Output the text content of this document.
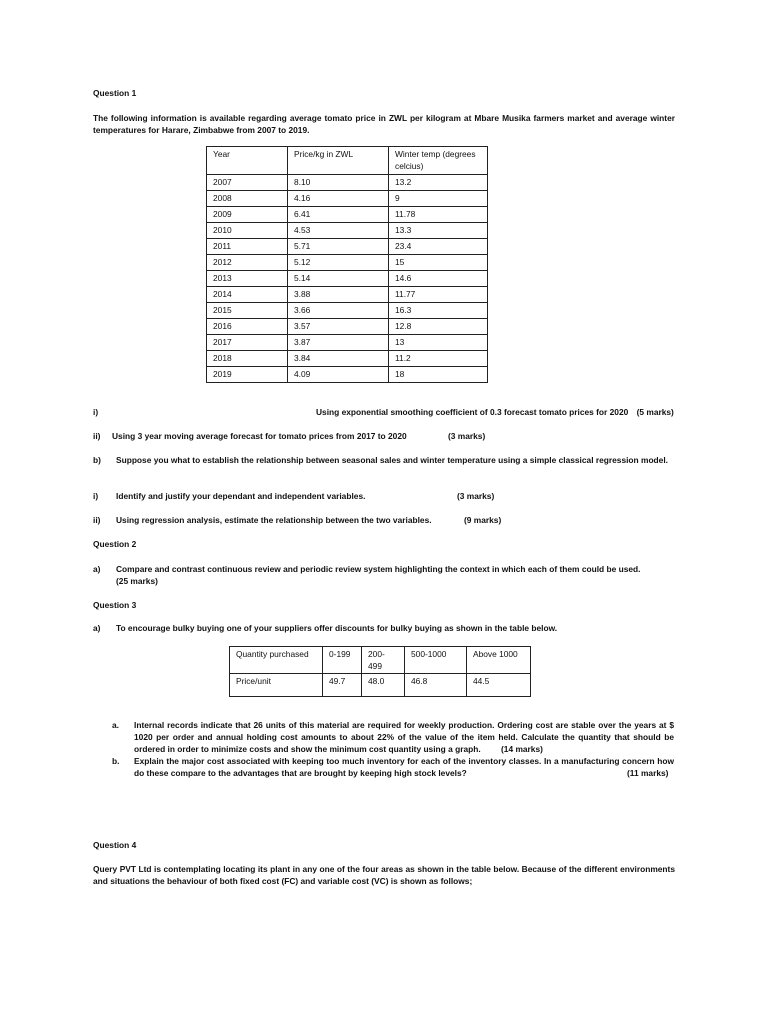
Question 1
The following information is available regarding average tomato price in ZWL per kilogram at Mbare Musika farmers market and average winter temperatures for Harare, Zimbabwe from 2007 to 2019.
Year	Price/kg in ZWL	Winter temp (degrees celcius)
2007	8.10	13.2
2008	4.16	9
2009	6.41	11.78
2010	4.53	13.3
2011	5.71	23.4
2012	5.12	15
2013	5.14	14.6
2014	3.88	11.77
2015	3.66	16.3
2016	3.57	12.8
2017	3.87	13
2018	3.84	11.2
2019	4.09	18
i)	Using exponential smoothing coefficient of 0.3 forecast tomato prices for 2020 (5 marks)
ii) Using 3 year moving average forecast for tomato prices from 2017 to 2020	(3 marks)
b) Suppose you what to establish the relationship between seasonal sales and winter temperature using a simple classical regression model.
i) Identify and justify your dependant and independent variables.	(3 marks)
ii) Using regression analysis, estimate the relationship between the two variables.	(9 marks)
Question 2
a) Compare and contrast continuous review and periodic review system highlighting the context in which each of them could be used.
(25 marks)
Question 3
a) To encourage bulky buying one of your suppliers offer discounts for bulky buying as shown in the table below.
Quantity purchased	0-199	200-499	500-1000	Above 1000
Price/unit	49.7	48.0	46.8	44.5
a. Internal records indicate that 26 units of this material are required for weekly production. Ordering cost are stable over the years at $ 1020 per order and annual holding cost amounts to about 22% of the value of the item held. Calculate the quantity that should be ordered in order to minimize costs and show the minimum cost quantity using a graph. (14 marks)
b. Explain the major cost associated with keeping too much inventory for each of the inventory classes. In a manufacturing concern how do these compare to the advantages that are brought by keeping high stock levels?	(11 marks)
Question 4
Query PVT Ltd is contemplating locating its plant in any one of the four areas as shown in the table below. Because of the different environments and situations the behaviour of both fixed cost (FC) and variable cost (VC) is shown as follows;
